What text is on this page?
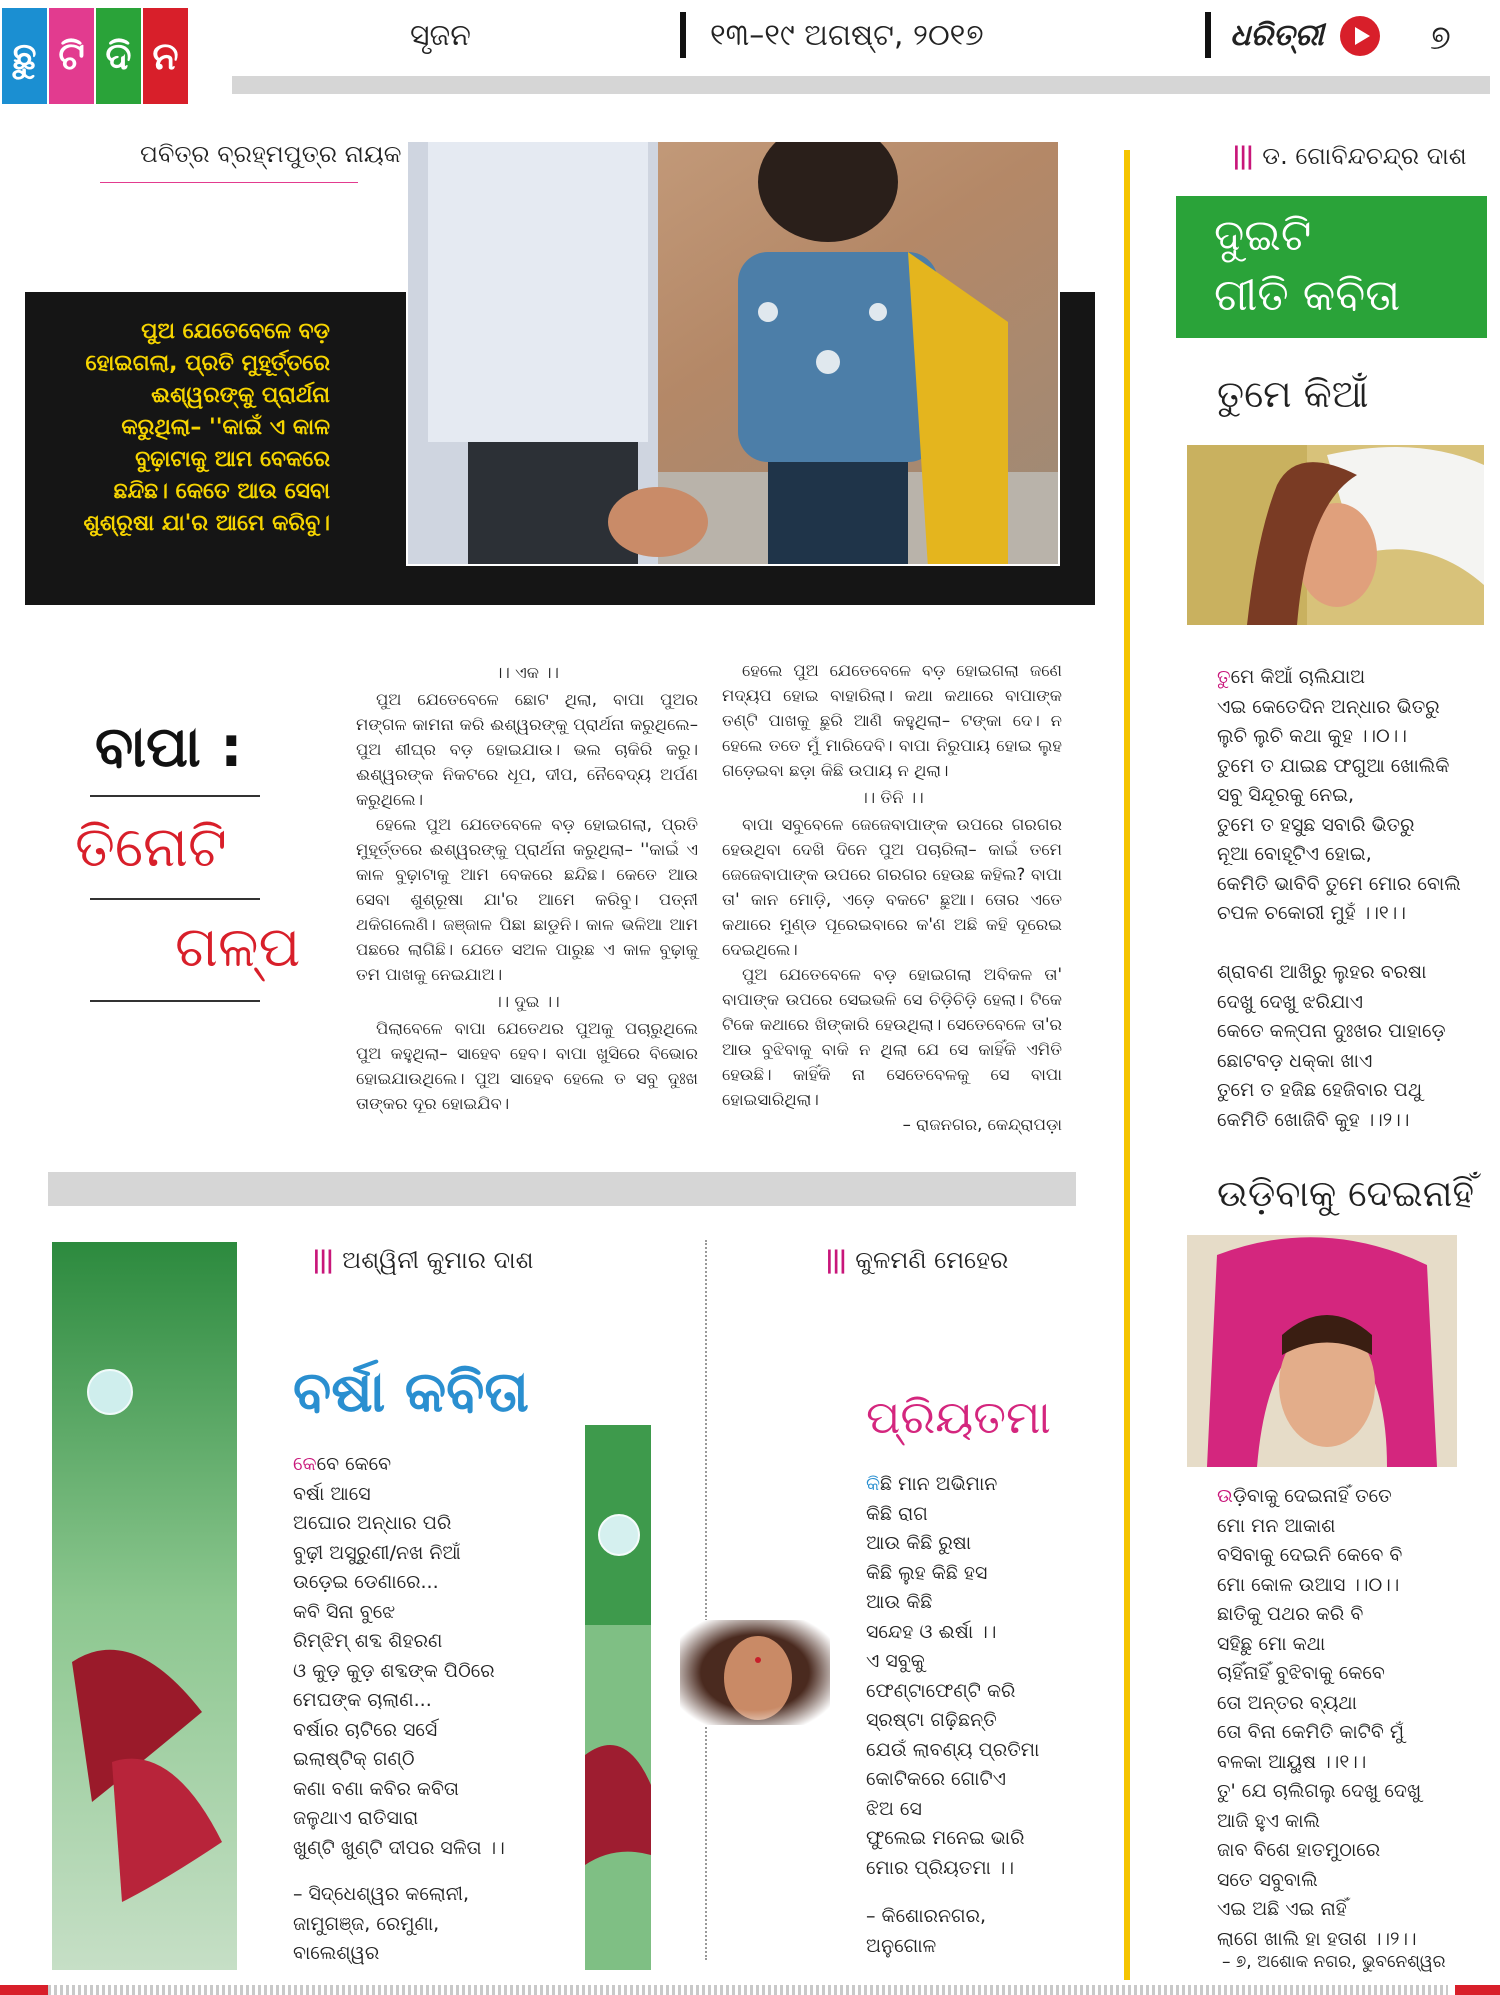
ଛୁ ଟି ଦି ନ	ସୃଜନ	୧୩–୧୯ ଅଗଷ୍ଟ, ୨୦୧୭	ଧରିତ୍ରୀ	୭
ପବିତ୍ର ବ୍ରହ୍ମପୁତ୍ର ନାୟକ
ପୁଅ ଯେତେବେଳେ ବଡ଼ ହୋଇଗଲା, ପ୍ରତି ମୁହୂର୍ତ୍ତରେ ଈଶ୍ୱରଙ୍କୁ ପ୍ରାର୍ଥନା କରୁଥିଲା– ''କାଇଁ ଏ କାଳ ବୁଢ଼ାଟାକୁ ଆମ ବେକରେ ଛନ୍ଦିଛ। କେତେ ଆଉ ସେବା ଶୁଶ୍ରୂଷା ଯା'ର ଆମେ କରିବୁ।
ବାପା :
ତିନୋଟି
ଗଳ୍ପ

।। ଏକ ।।

ପୁଅ ଯେତେବେଳେ ଛୋଟ ଥିଲା, ବାପା ପୁଅର ମଙ୍ଗଳ କାମନା କରି ଈଶ୍ୱରଙ୍କୁ ପ୍ରାର୍ଥନା କରୁଥିଲେ– ପୁଅ ଶୀଘ୍ର ବଡ଼ ହୋଇଯାଉ। ଭଲ ଚାକିରି କରୁ। ଈଶ୍ୱରଙ୍କ ନିକଟରେ ଧୂପ, ଦୀପ, ନୈବେଦ୍ୟ ଅର୍ପଣ କରୁଥିଲେ।

ହେଲେ ପୁଅ ଯେତେବେଳେ ବଡ଼ ହୋଇଗଲା, ପ୍ରତି ମୁହୂର୍ତ୍ତରେ ଈଶ୍ୱରଙ୍କୁ ପ୍ରାର୍ଥନା କରୁଥିଲା– ''କାଇଁ ଏ କାଳ ବୁଢ଼ାଟାକୁ ଆମ ବେକରେ ଛନ୍ଦିଛ। କେତେ ଆଉ ସେବା ଶୁଶ୍ରୂଷା ଯା'ର ଆମେ କରିବୁ। ପତ୍ନୀ ଥକିଗଲେଣି। ଜଞ୍ଜାଳ ପିଛା ଛାଡୁନି। କାଳ ଭଳିଆ ଆମ ପଛରେ ଲାଗିଛି। ଯେତେ ସଅଳ ପାରୁଛ ଏ କାଳ ବୁଢ଼ାକୁ ତମ ପାଖକୁ ନେଇଯାଅ।

।। ଦୁଇ ।।

ପିଲାବେଳେ ବାପା ଯେତେଥର ପୁଅକୁ ପଚାରୁଥିଲେ ପୁଅ କହୁଥିଲା– ସାହେବ ହେବ। ବାପା ଖୁସିରେ ବିଭୋର ହୋଇଯାଉଥିଲେ। ପୁଅ ସାହେବ ହେଲେ ତ ସବୁ ଦୁଃଖ ତାଙ୍କର ଦୂର ହୋଇଯିବ।

ହେଲେ ପୁଅ ଯେତେବେଳେ ବଡ଼ ହୋଇଗଲା ଜଣେ ମଦ୍ୟପ ହୋଇ ବାହାରିଲା। କଥା କଥାରେ ବାପାଙ୍କ ତଣ୍ଟି ପାଖକୁ ଛୁରି ଆଣି କହୁଥିଲା– ଟଙ୍କା ଦେ। ନ ହେଲେ ତତେ ମୁଁ ମାରିଦେବି। ବାପା ନିରୁପାୟ ହୋଇ ଲୁହ ଗଡ଼େଇବା ଛଡ଼ା କିଛି ଉପାୟ ନ ଥିଲା।

।। ତିନି ।।

ବାପା ସବୁବେଳେ ଜେଜେବାପାଙ୍କ ଉପରେ ଗରଗର ହେଉଥିବା ଦେଖି ଦିନେ ପୁଅ ପଚାରିଲା– କାଇଁ ତମେ ଜେଜେବାପାଙ୍କ ଉପରେ ଗରଗର ହେଉଛ କହିଲ? ବାପା ତା' କାନ ମୋଡ଼ି, ଏଡ଼େ ବକଟେ ଛୁଆ। ତୋର ଏତେ କଥାରେ ମୁଣ୍ଡ ପୂରେଇବାରେ କ'ଣ ଅଛି କହି ଦୂରେଇ ଦେଇଥିଲେ।

ପୁଅ ଯେତେବେଳେ ବଡ଼ ହୋଇଗଲା ଅବିକଳ ତା' ବାପାଙ୍କ ଉପରେ ସେଇଭଳି ସେ ଚିଡ଼ିଚିଡ଼ି ହେଲା। ଟିକେ ଟିକେ କଥାରେ ଖିଙ୍କାରି ହେଉଥିଲା। ସେତେବେଳେ ତା'ର ଆଉ ବୁଝିବାକୁ ବାକି ନ ଥିଲା ଯେ ସେ କାହିଁକି ଏମିତି ହେଉଛି। କାହିଁକି ନା ସେତେବେଳକୁ ସେ ବାପା ହୋଇସାରିଥିଲା।

– ରାଜନଗର, କେନ୍ଦ୍ରାପଡ଼ା

||| ଡ. ଗୋବିନ୍ଦଚନ୍ଦ୍ର ଦାଶ
ଦୁଇଟି
ଗୀତି କବିତା
ତୁମେ କିଆଁ
ତୁମେ କିଆଁ ଚାଲିଯାଅ
ଏଇ କେତେଦିନ ଅନ୍ଧାର ଭିତରୁ
ଲୁଚି ଲୁଚି କଥା କୁହ ।।୦।।
ତୁମେ ତ ଯାଇଛ ଫଗୁଆ ଖୋଲିକି
ସବୁ ସିନ୍ଦୂରକୁ ନେଇ,
ତୁମେ ତ ହସୁଛ ସବାରି ଭିତରୁ
ନୂଆ ବୋହୂଟିଏ ହୋଇ,
କେମିତି ଭାବିବି ତୁମେ ମୋର ବୋଲି
ଚପଳ ଚକୋରୀ ମୁହଁ ।।୧।।

ଶ୍ରାବଣ ଆଖିରୁ ଲୁହର ବରଷା
ଦେଖୁ ଦେଖୁ ଝରିଯାଏ
କେତେ କଳ୍ପନା ଦୁଃଖର ପାହାଡ଼େ
ଛୋଟବଡ଼ ଧକ୍କା ଖାଏ
ତୁମେ ତ ହଜିଛ ହେଜିବାର ପଥୁ
କେମିତି ଖୋଜିବି କୁହ ।।୨।।
ଉଡ଼ିବାକୁ ଦେଇନାହିଁ
ଉଡ଼ିବାକୁ ଦେଇନାହିଁ ତତେ
ମୋ ମନ ଆକାଶ
ବସିବାକୁ ଦେଇନି କେବେ ବି
ମୋ କୋଳ ଉଆସ ।।୦।।
ଛାତିକୁ ପଥର କରି ବି
ସହିଛୁ ମୋ କଥା
ଚାହିଁନାହିଁ ବୁଝିବାକୁ କେବେ
ତୋ ଅନ୍ତର ବ୍ୟଥା
ତୋ ବିନା କେମିତି କାଟିବି ମୁଁ
ବଳକା ଆୟୁଷ ।।୧।।
ତୁ' ଯେ ଚାଲିଗଲୁ ଦେଖୁ ଦେଖୁ
ଆଜି ହୁଏ କାଲି
ଜାବ ବିଶେ ହାତମୁଠାରେ
ସତେ ସବୁବାଲି
ଏଇ ଅଛି ଏଇ ନାହିଁ
ଲାଗେ ଖାଲି ହା ହତାଶ ।।୨।।
– ୭, ଅଶୋକ ନଗର, ଭୁବନେଶ୍ୱର
||| ଅଶ୍ୱିନୀ କୁମାର ଦାଶ
ବର୍ଷା କବିତା
କେବେ କେବେ
ବର୍ଷା ଆସେ
ଅଘୋର ଅନ୍ଧାର ପରି
ବୁଢ଼ୀ ଅସୁରୁଣୀ/ନଖ ନିଆଁ
ଉଡ଼େଇ ଡେଣାରେ...
କବି ସିନା ବୁଝେ
ରିମ୍‌ଝିମ୍ ଶବ୍ଦ ଶିହରଣ
ଓ କୁଡ଼ କୁଡ଼ ଶବ୍ଦଙ୍କ ପିଠିରେ
ମେଘଙ୍କ ଚାଲାଣ...
ବର୍ଷାର ଚାଟିରେ ସର୍ସେ
ଇଲାଷ୍ଟିକ୍ ଗଣ୍ଠି
କଣା ବଣା କବିର କବିତା
ଜଳୁଥାଏ ରାତିସାରା
ଖୁଣ୍ଟି ଖୁଣ୍ଟି ଦୀପର ସଳିତା ।।
– ସିଦ୍ଧେଶ୍ୱର କଲୋନୀ,
ଜାମୁଗଞ୍ଜ, ରେମୁଣା,
ବାଲେଶ୍ୱର
||| କୁଳମଣି ମେହେର
ପ୍ରିୟତମା
କିଛି ମାନ ଅଭିମାନ
କିଛି ରାଗ
ଆଉ କିଛି ରୁଷା
କିଛି ଲୁହ କିଛି ହସ
ଆଉ କିଛି
ସନ୍ଦେହ ଓ ଈର୍ଷା ।।
ଏ ସବୁକୁ
ଫେଣ୍ଟାଫେଣ୍ଟି କରି
ସ୍ରଷ୍ଟା ଗଢ଼ିଛନ୍ତି
ଯେଉଁ ଲାବଣ୍ୟ ପ୍ରତିମା
କୋଟିକରେ ଗୋଟିଏ
ଝିଅ ସେ
ଫୁଲେଇ ମନେଇ ଭାରି
ମୋର ପ୍ରିୟତମା ।।
– କିଶୋରନଗର,
ଅନୁଗୋଳ
